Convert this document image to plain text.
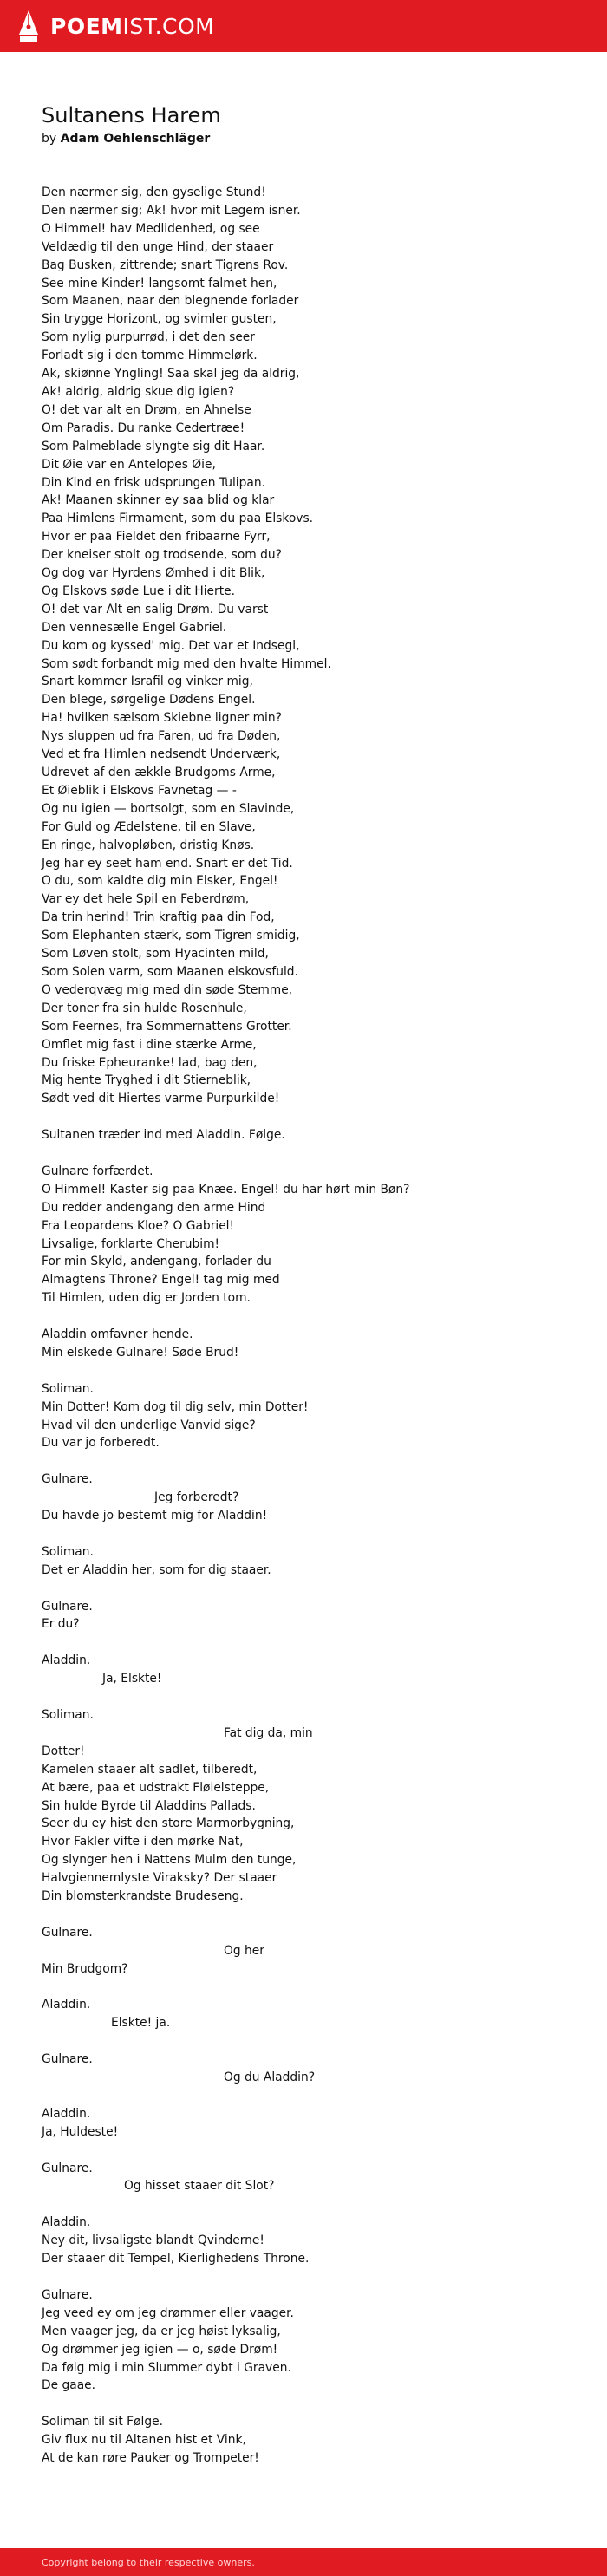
POEMIST.COM
Sultanens Harem
by Adam Oehlenschläger
Den nærmer sig, den gyselige Stund!
Den nærmer sig; Ak! hvor mit Legem isner.
O Himmel! hav Medlidenhed, og see
Veldædig til den unge Hind, der staaer
Bag Busken, zittrende; snart Tigrens Rov.
See mine Kinder! langsomt falmet hen,
Som Maanen, naar den blegnende forlader
Sin trygge Horizont, og svimler gusten,
Som nylig purpurrød, i det den seer
Forladt sig i den tomme Himmelørk.
Ak, skiønne Yngling! Saa skal jeg da aldrig,
Ak! aldrig, aldrig skue dig igien?
O! det var alt en Drøm, en Ahnelse
Om Paradis. Du ranke Cedertræe!
Som Palmeblade slyngte sig dit Haar.
Dit Øie var en Antelopes Øie,
Din Kind en frisk udsprungen Tulipan.
Ak! Maanen skinner ey saa blid og klar
Paa Himlens Firmament, som du paa Elskovs.
Hvor er paa Fieldet den fribaarne Fyrr,
Der kneiser stolt og trodsende, som du?
Og dog var Hyrdens Ømhed i dit Blik,
Og Elskovs søde Lue i dit Hierte.
O! det var Alt en salig Drøm. Du varst
Den vennesælle Engel Gabriel.
Du kom og kyssed' mig. Det var et Indsegl,
Som sødt forbandt mig med den hvalte Himmel.
Snart kommer Israfil og vinker mig,
Den blege, sørgelige Dødens Engel.
Ha! hvilken sælsom Skiebne ligner min?
Nys sluppen ud fra Faren, ud fra Døden,
Ved et fra Himlen nedsendt Underværk,
Udrevet af den ækkle Brudgoms Arme,
Et Øieblik i Elskovs Favnetag — -
Og nu igien — bortsolgt, som en Slavinde,
For Guld og Ædelstene, til en Slave,
En ringe, halvopløben, dristig Knøs.
Jeg har ey seet ham end. Snart er det Tid.
O du, som kaldte dig min Elsker, Engel!
Var ey det hele Spil en Feberdrøm,
Da trin herind! Trin kraftig paa din Fod,
Som Elephanten stærk, som Tigren smidig,
Som Løven stolt, som Hyacinten mild,
Som Solen varm, som Maanen elskovsfuld.
O vederqvæg mig med din søde Stemme,
Der toner fra sin hulde Rosenhule,
Som Feernes, fra Sommernattens Grotter.
Omflet mig fast i dine stærke Arme,
Du friske Epheuranke! lad, bag den,
Mig hente Tryghed i dit Stierneblik,
Sødt ved dit Hiertes varme Purpurkilde!
Sultanen træder ind med Aladdin. Følge.
Gulnare forfærdet.
O Himmel! Kaster sig paa Knæe. Engel! du har hørt min Bøn?
Du redder andengang den arme Hind
Fra Leopardens Kloe? O Gabriel!
Livsalige, forklarte Cherubim!
For min Skyld, andengang, forlader du
Almagtens Throne? Engel! tag mig med
Til Himlen, uden dig er Jorden tom.
Aladdin omfavner hende.
Min elskede Gulnare! Søde Brud!
Soliman.
Min Dotter! Kom dog til dig selv, min Dotter!
Hvad vil den underlige Vanvid sige?
Du var jo forberedt.
Gulnare.
Jeg forberedt?
Du havde jo bestemt mig for Aladdin!
Soliman.
Det er Aladdin her, som for dig staaer.
Gulnare.
Er du?
Aladdin.
Ja, Elskte!
Soliman.
Fat dig da, min
Dotter!
Kamelen staaer alt sadlet, tilberedt,
At bære, paa et udstrakt Fløielsteppe,
Sin hulde Byrde til Aladdins Pallads.
Seer du ey hist den store Marmorbygning,
Hvor Fakler vifte i den mørke Nat,
Og slynger hen i Nattens Mulm den tunge,
Halvgiennemlyste Viraksky? Der staaer
Din blomsterkrandste Brudeseng.
Gulnare.
Og her
Min Brudgom?
Aladdin.
Elskte! ja.
Gulnare.
Og du Aladdin?
Aladdin.
Ja, Huldeste!
Gulnare.
Og hisset staaer dit Slot?
Aladdin.
Ney dit, livsaligste blandt Qvinderne!
Der staaer dit Tempel, Kierlighedens Throne.
Gulnare.
Jeg veed ey om jeg drømmer eller vaager.
Men vaager jeg, da er jeg høist lyksalig,
Og drømmer jeg igien — o, søde Drøm!
Da følg mig i min Slummer dybt i Graven.
De gaae.
Soliman til sit Følge.
Giv flux nu til Altanen hist et Vink,
At de kan røre Pauker og Trompeter!
Copyright belong to their respective owners.
